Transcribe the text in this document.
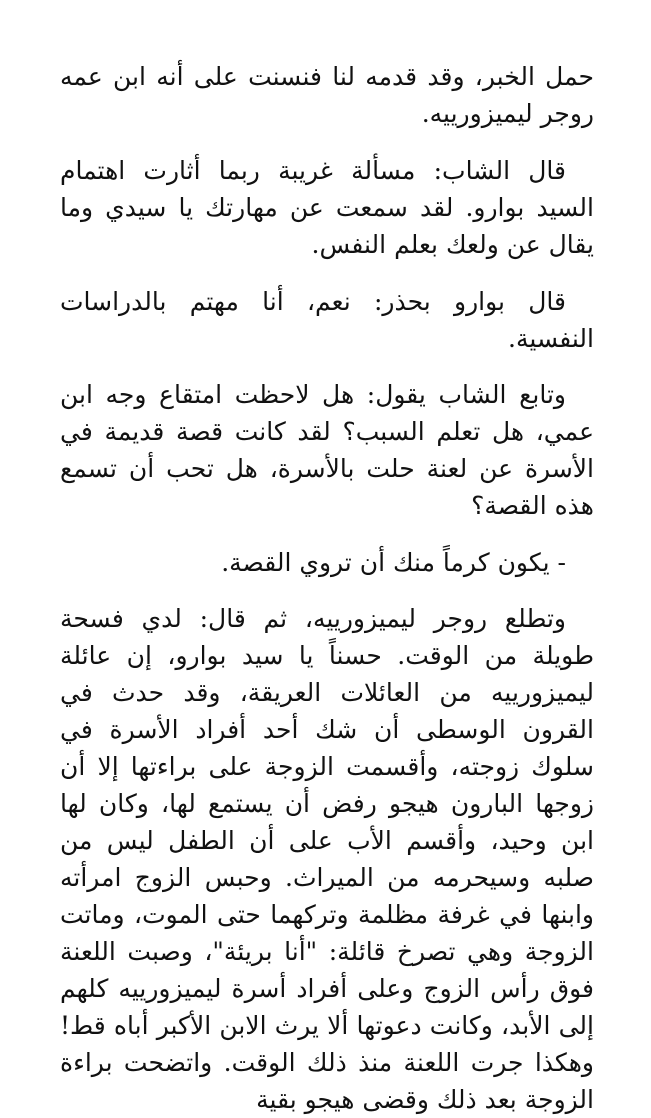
حمل الخبر، وقد قدمه لنا فنسنت على أنه ابن عمه روجر ليميزورييه.

قال الشاب: مسألة غريبة ربما أثارت اهتمام السيد بوارو. لقد سمعت عن مهارتك يا سيدي وما يقال عن ولعك بعلم النفس.

قال بوارو بحذر: نعم، أنا مهتم بالدراسات النفسية.

وتابع الشاب يقول: هل لاحظت امتقاع وجه ابن عمي، هل تعلم السبب؟ لقد كانت قصة قديمة في الأسرة عن لعنة حلت بالأسرة، هل تحب أن تسمع هذه القصة؟

- يكون كرماً منك أن تروي القصة.

وتطلع روجر ليميزورييه، ثم قال: لدي فسحة طويلة من الوقت. حسناً يا سيد بوارو، إن عائلة ليميزورييه من العائلات العريقة، وقد حدث في القرون الوسطى أن شك أحد أفراد الأسرة في سلوك زوجته، وأقسمت الزوجة على براءتها إلا أن زوجها البارون هيجو رفض أن يستمع لها، وكان لها ابن وحيد، وأقسم الأب على أن الطفل ليس من صلبه وسيحرمه من الميراث. وحبس الزوج امرأته وابنها في غرفة مظلمة وتركهما حتى الموت، وماتت الزوجة وهي تصرخ قائلة: "أنا بريئة"، وصبت اللعنة فوق رأس الزوج وعلى أفراد أسرة ليميزورييه كلهم إلى الأبد، وكانت دعوتها ألا يرث الابن الأكبر أباه قط! وهكذا جرت اللعنة منذ ذلك الوقت. واتضحت براءة الزوجة بعد ذلك وقضى هيجو بقية
